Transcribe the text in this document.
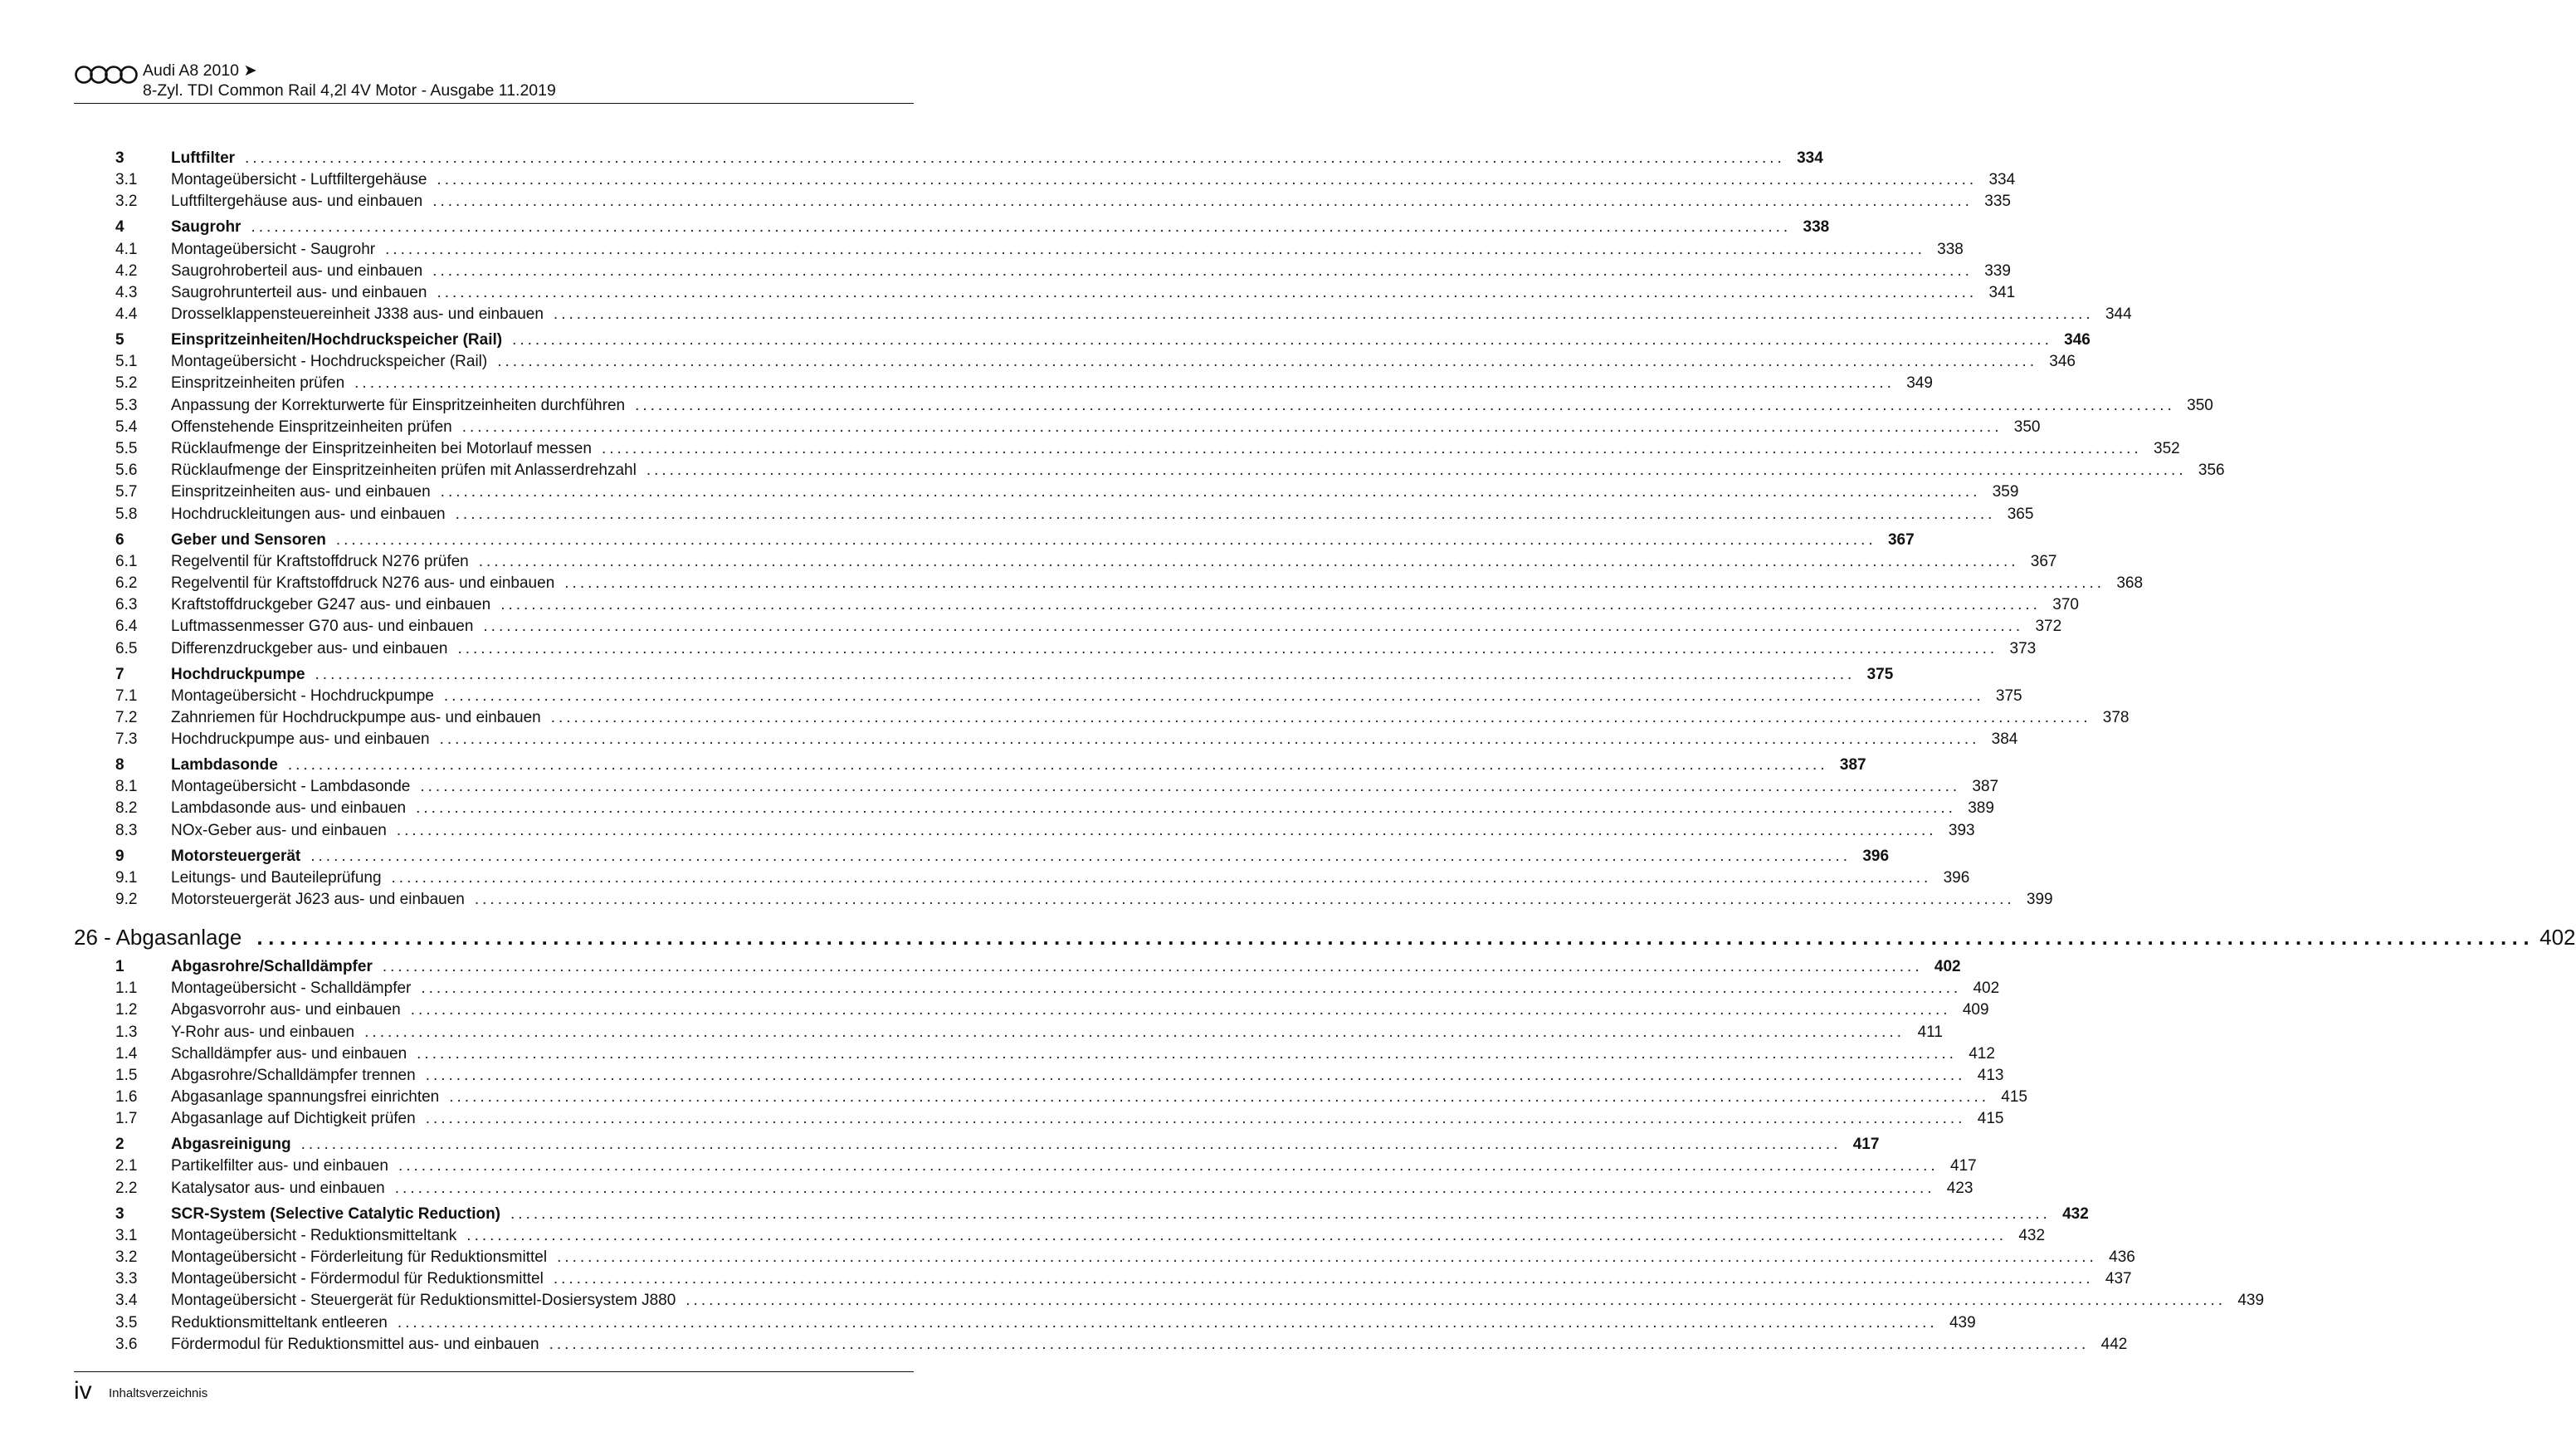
Audi A8 2010 ➤
8-Zyl. TDI Common Rail 4,2l 4V Motor - Ausgabe 11.2019
3	Luftfilter ........................................................................................................................................................................................................ 334
3.1 Montageübersicht - Luftfiltergehäuse ........................................................................................................................................................................................................ 334
3.2 Luftfiltergehäuse aus- und einbauen ........................................................................................................................................................................................................ 335
4	Saugrohr ........................................................................................................................................................................................................ 338
4.1 Montageübersicht - Saugrohr ........................................................................................................................................................................................................ 338
4.2 Saugrohroberteil aus- und einbauen ........................................................................................................................................................................................................ 339
4.3 Saugrohrunterteil aus- und einbauen ........................................................................................................................................................................................................ 341
4.4 Drosselklappensteuereinheit J338 aus- und einbauen ........................................................................................................................................................................................................ 344
5	Einspritzeinheiten/Hochdruckspeicher (Rail) ........................................................................................................................................................................................................ 346
5.1 Montageübersicht - Hochdruckspeicher (Rail) ........................................................................................................................................................................................................ 346
5.2 Einspritzeinheiten prüfen ........................................................................................................................................................................................................ 349
5.3 Anpassung der Korrekturwerte für Einspritzeinheiten durchführen ........................................................................................................................................................................................................ 350
5.4 Offenstehende Einspritzeinheiten prüfen ........................................................................................................................................................................................................ 350
5.5 Rücklaufmenge der Einspritzeinheiten bei Motorlauf messen ........................................................................................................................................................................................................ 352
5.6 Rücklaufmenge der Einspritzeinheiten prüfen mit Anlasserdrehzahl ........................................................................................................................................................................................................ 356
5.7 Einspritzeinheiten aus- und einbauen ........................................................................................................................................................................................................ 359
5.8 Hochdruckleitungen aus- und einbauen ........................................................................................................................................................................................................ 365
6	Geber und Sensoren ........................................................................................................................................................................................................ 367
6.1 Regelventil für Kraftstoffdruck N276 prüfen ........................................................................................................................................................................................................ 367
6.2 Regelventil für Kraftstoffdruck N276 aus- und einbauen ........................................................................................................................................................................................................ 368
6.3 Kraftstoffdruckgeber G247 aus- und einbauen ........................................................................................................................................................................................................ 370
6.4 Luftmassenmesser G70 aus- und einbauen ........................................................................................................................................................................................................ 372
6.5 Differenzdruckgeber aus- und einbauen ........................................................................................................................................................................................................ 373
7	Hochdruckpumpe ........................................................................................................................................................................................................ 375
7.1 Montageübersicht - Hochdruckpumpe ........................................................................................................................................................................................................ 375
7.2 Zahnriemen für Hochdruckpumpe aus- und einbauen ........................................................................................................................................................................................................ 378
7.3 Hochdruckpumpe aus- und einbauen ........................................................................................................................................................................................................ 384
8	Lambdasonde ........................................................................................................................................................................................................ 387
8.1 Montageübersicht - Lambdasonde ........................................................................................................................................................................................................ 387
8.2 Lambdasonde aus- und einbauen ........................................................................................................................................................................................................ 389
8.3 NOx-Geber aus- und einbauen ........................................................................................................................................................................................................ 393
9	Motorsteuergerät ........................................................................................................................................................................................................ 396
9.1 Leitungs- und Bauteileprüfung ........................................................................................................................................................................................................ 396
9.2 Motorsteuergerät J623 aus- und einbauen ........................................................................................................................................................................................................ 399
26 - Abgasanlage ........................................................................................................................................................................................................ 402
1	Abgasrohre/Schalldämpfer ........................................................................................................................................................................................................ 402
1.1 Montageübersicht - Schalldämpfer ........................................................................................................................................................................................................ 402
1.2 Abgasvorrohr aus- und einbauen ........................................................................................................................................................................................................ 409
1.3 Y-Rohr aus- und einbauen ........................................................................................................................................................................................................ 411
1.4 Schalldämpfer aus- und einbauen ........................................................................................................................................................................................................ 412
1.5 Abgasrohre/Schalldämpfer trennen ........................................................................................................................................................................................................ 413
1.6 Abgasanlage spannungsfrei einrichten ........................................................................................................................................................................................................ 415
1.7 Abgasanlage auf Dichtigkeit prüfen ........................................................................................................................................................................................................ 415
2	Abgasreinigung ........................................................................................................................................................................................................ 417
2.1 Partikelfilter aus- und einbauen ........................................................................................................................................................................................................ 417
2.2 Katalysator aus- und einbauen ........................................................................................................................................................................................................ 423
3	SCR-System (Selective Catalytic Reduction) ........................................................................................................................................................................................................ 432
3.1 Montageübersicht - Reduktionsmitteltank ........................................................................................................................................................................................................ 432
3.2 Montageübersicht - Förderleitung für Reduktionsmittel ........................................................................................................................................................................................................ 436
3.3 Montageübersicht - Fördermodul für Reduktionsmittel ........................................................................................................................................................................................................ 437
3.4 Montageübersicht - Steuergerät für Reduktionsmittel-Dosiersystem J880 ........................................................................................................................................................................................................ 439
3.5 Reduktionsmitteltank entleeren ........................................................................................................................................................................................................ 439
3.6 Fördermodul für Reduktionsmittel aus- und einbauen ........................................................................................................................................................................................................ 442
iv Inhaltsverzeichnis
